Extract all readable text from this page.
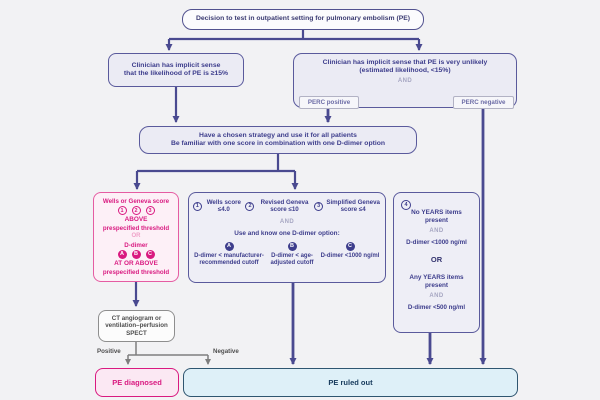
Decision to test in outpatient setting for pulmonary embolism (PE)
Clinician has implicit sense
that the likelihood of PE is ≥15%
Clinician has implicit sense that PE is very unlikely
(estimated likelihood, <15%)
AND
PERC positive	PERC negative
Have a chosen strategy and use it for all patients
Be familiar with one score in combination with one D-dimer option
Wells or Geneva score
1	2	3
ABOVE
prespecified threshold
OR
D-dimer
A	B	C
AT OR ABOVE
prespecified threshold
1
Wells score ≤4.0
2
Revised Geneva score ≤10
3
Simplified Geneva score ≤4
AND
Use and know one D-dimer option:
A
D-dimer < manufacturer-recommended cutoff
B
D-dimer < age-adjusted cutoff
C
D-dimer <1000 ng/ml
4
No YEARS items present
AND
D-dimer <1000 ng/ml
OR
Any YEARS items present
AND
D-dimer <500 ng/ml
CT angiogram or
ventilation–perfusion
SPECT
Positive	Negative
PE diagnosed	PE ruled out
